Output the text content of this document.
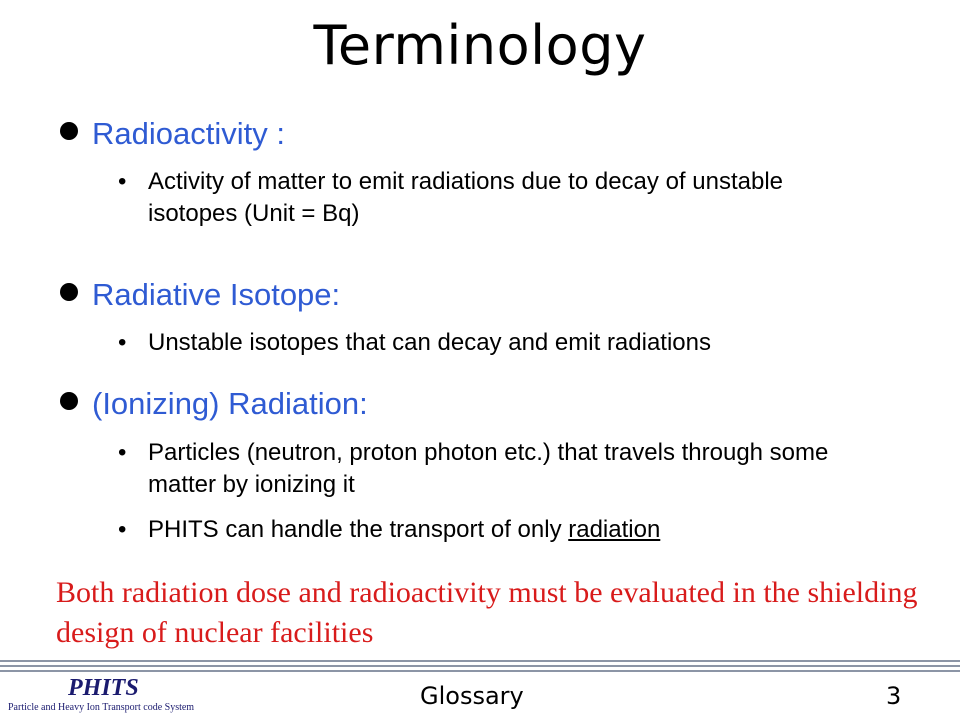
Terminology
Radioactivity :
• Activity of matter to emit radiations due to decay of unstable isotopes (Unit = Bq)
Radiative Isotope:
• Unstable isotopes that can decay and emit radiations
(Ionizing) Radiation:
• Particles (neutron, proton photon etc.) that travels through some matter by ionizing it
• PHITS can handle the transport of only radiation
Both radiation dose and radioactivity must be evaluated in the shielding design of nuclear facilities
PHITS
Particle and Heavy Ion Transport code System	Glossary	3
